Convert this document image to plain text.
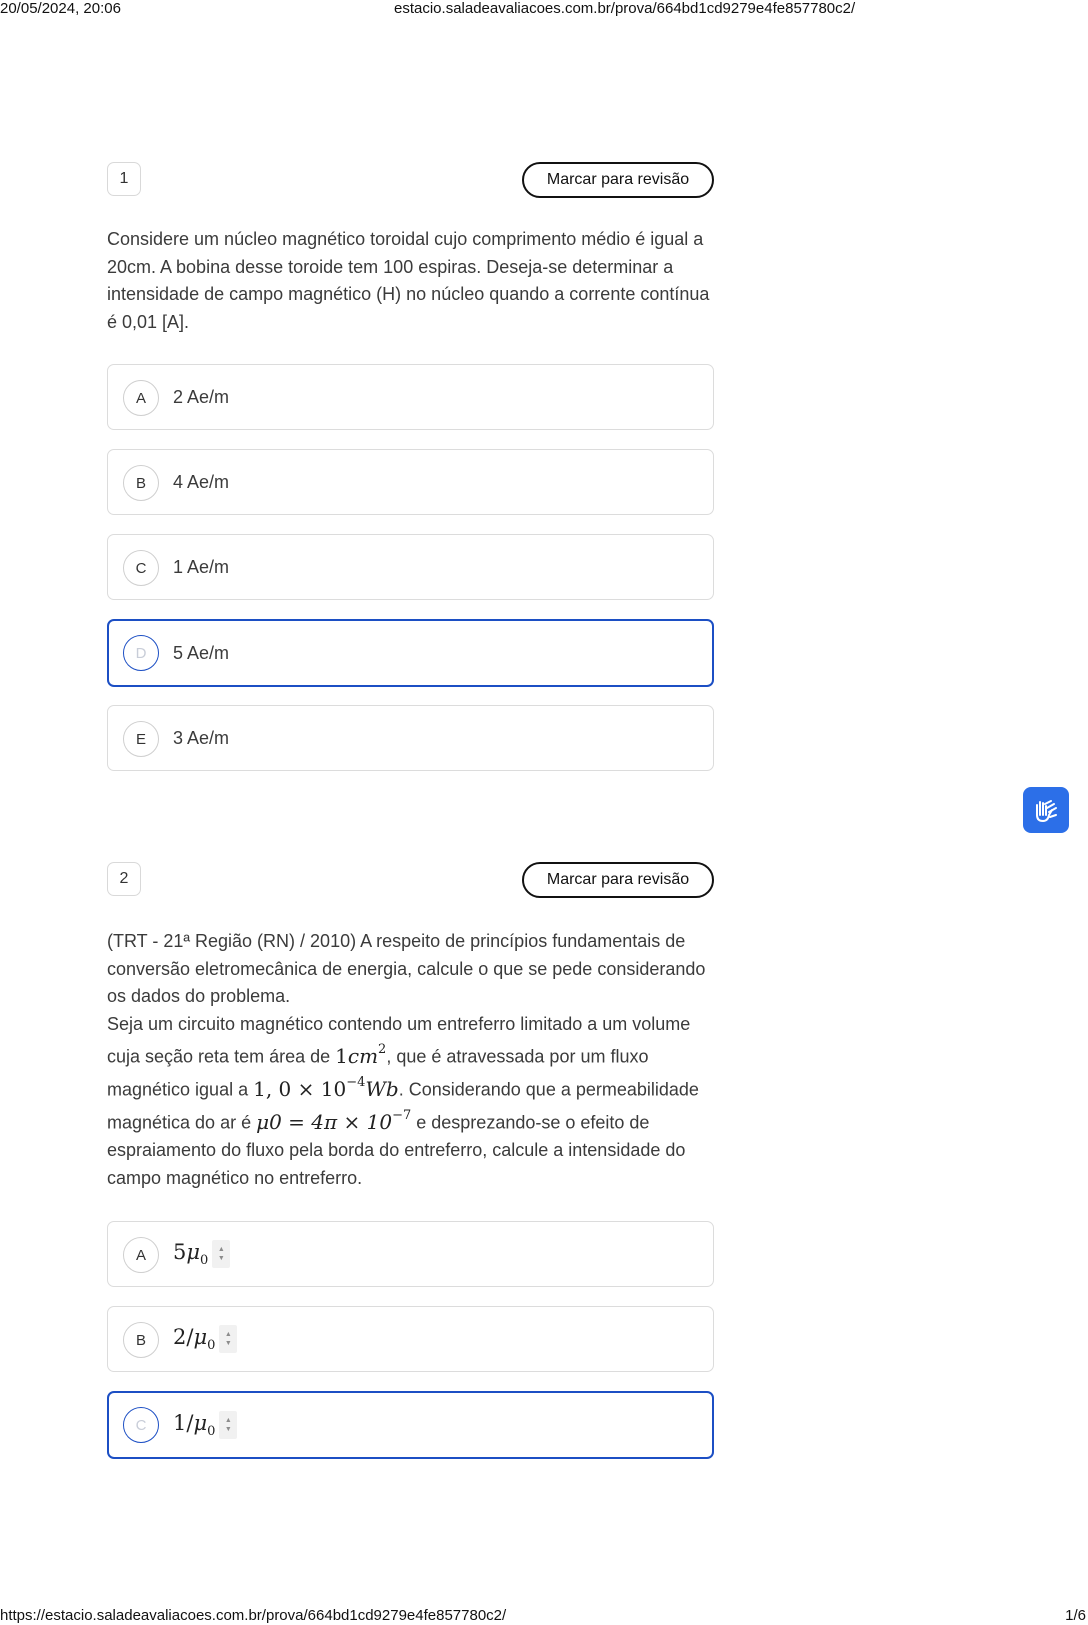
20/05/2024, 20:06	estacio.saladeavaliacoes.com.br/prova/664bd1cd9279e4fe857780c2/
1	Marcar para revisão
Considere um núcleo magnético toroidal cujo comprimento médio é igual a 20cm. A bobina desse toroide tem 100 espiras. Deseja-se determinar a intensidade de campo magnético (H) no núcleo quando a corrente contínua é 0,01 [A].
A	2 Ae/m
B	4 Ae/m
C	1 Ae/m
D	5 Ae/m
E	3 Ae/m
2	Marcar para revisão
(TRT - 21ª Região (RN) / 2010) A respeito de princípios fundamentais de conversão eletromecânica de energia, calcule o que se pede considerando os dados do problema.
Seja um circuito magnético contendo um entreferro limitado a um volume cuja seção reta tem área de $1cm^2$, que é atravessada por um fluxo magnético igual a 1, $0 \times 10^{-4}Wb$. Considerando que a permeabilidade magnética do ar é $\mu 0 = 4\pi \times 10^{-7}$ e desprezando-se o efeito de espraiamento do fluxo pela borda do entreferro, calcule a intensidade do campo magnético no entreferro.
A	$5\mu_0$
▲
▼
B	$2/\mu_0$
▲
▼
C	$1/\mu_0$
▲
▼
https://estacio.saladeavaliacoes.com.br/prova/664bd1cd9279e4fe857780c2/	1/6
